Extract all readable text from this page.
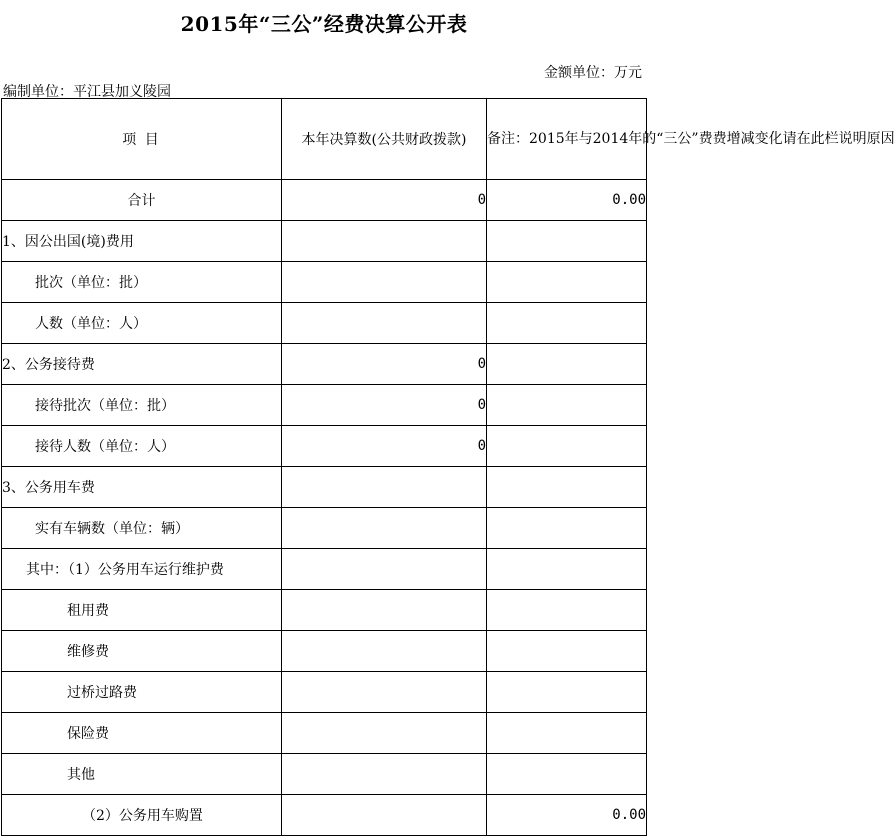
2015年“三公”经费决算公开表
金额单位：万元
编制单位：平江县加义陵园
项 目	本年决算数(公共财政拨款)	备注：2015年与2014年的“三公”费费增减变化请在此栏说明原因
合计	0	0.00
1、因公出国(境)费用		
批次（单位：批）		
人数（单位：人）		
2、公务接待费	0	
接待批次（单位：批）	0	
接待人数（单位：人）	0	
3、公务用车费		
实有车辆数（单位：辆）		
其中：（1）公务用车运行维护费		
租用费		
维修费		
过桥过路费		
保险费		
其他		
（2）公务用车购置		0.00
